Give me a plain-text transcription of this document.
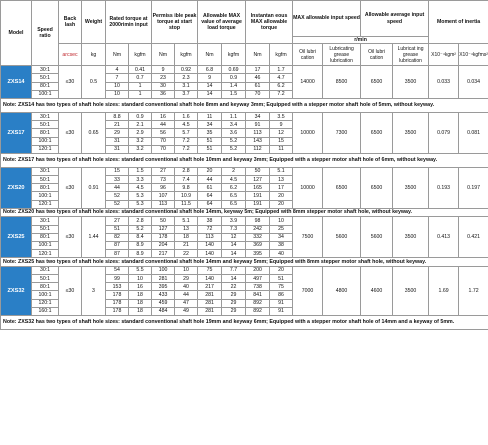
Model	Speed ratio	Back lash	Weight	Rated torque at 2000rimin input		Permiss ible peak torque at start stop		Allowable MAX value of average load torque		Instantan eous MAX allowable torque		MAX allowable input speed		Allowable average input speed		Moment of inertia	
												r/min					
		arcsec	kg	Nm	kgfm	Nm	kgfm	Nm	kgfm	Nm	kgfm	Oil lubri cation	Lubricating grease lubrication	Oil lubri cation	Lubricat ing grease lubrication	X10⁻⁴kgm²	X10⁻⁴kgfms²
ZXS14	30:1	≤30	0.5	4	0.41	9	0.92	6.8	0.69	17	1.7	14000	8500	6500	3500	0.033	0.034
	50:1			7	0.7	23	2.3	9	0.9	46	4.7						
	80:1			10	1	30	3.1	14	1.4	61	6.2						
	100:1			10	1	36	3.7	14	1.5	70	7.2						
Note: ZXS14 has two types of shaft hole sizes: standard conventional shaft hole 8mm and keyway 3mm; Equipped with a stepper motor shaft hole of 5mm, without keyway.																	
ZXS17	30:1	≤30	0.65	8.8	0.9	16	1.6	11	1.1	34	3.5	10000	7300	6500	3500	0.079	0.081
	50:1			21	2.1	44	4.5	34	3.4	91	9						
	80:1			29	2.9	56	5.7	35	3.6	113	12						
	100:1			31	3.2	70	7.2	51	5.2	143	15						
	120:1			31	3.2	70	7.2	51	5.2	112	11						
Note: ZXS17 has two types of shaft hole sizes: standard conventional shaft hole 10mm and keyway 3mm; Equipped with a stepper motor shaft hole of 6mm, without keyway.																	
ZXS20	30:1	≤30	0.91	15	1.5	27	2.8	20	2	50	5.1	10000	6500	6500	3500	0.193	0.197
	50:1			33	3.3	73	7.4	44	4.5	127	13						
	80:1			44	4.5	96	9.8	61	6.2	165	17						
	100:1			52	5.3	107	10.9	64	6.5	191	20						
	120:1			52	5.3	113	11.5	64	6.5	191	20						
Note: ZXS20 has two types of shaft hole sizes: standard conventional shaft hole 14mm, keyway 5m; Equipped with 8mm stepper motor shaft hole, without keyway.																	
ZXS25	30:1	≤30	1.44	27	2.8	50	5.1	38	3.9	98	10	7500	5600	5600	3500	0.413	0.421
	50:1			51	5.2	127	13	72	7.3	242	25						
	80:1			82	8.4	178	18	113	12	332	34						
	100:1			87	8.9	204	21	140	14	369	38						
	120:1			87	8.9	217	22	140	14	395	40						
Note: ZXS25 has two types of shaft hole sizes: standard conventional shaft hole 14mm and keyway 5mm; Equipped with 8mm stepper motor shaft hole, without keyway.																	
ZXS32	30:1	≤30	3	54	5.5	100	10	75	7.7	200	20	7000	4800	4600	3500	1.69	1.72
	50:1			99	10	281	29	140	14	497	51						
	80:1			153	16	395	40	217	22	738	75						
	100:1			178	18	433	44	281	29	841	86						
	120:1			178	18	459	47	281	29	892	91						
	160:1			178	18	484	49	281	29	892	91						
Note: ZXS32 has two types of shaft hole sizes: standard conventional shaft hole 19mm and keyway 6mm; Equipped with a stepper motor shaft hole of 14mm and a keyway of 5mm.																	
